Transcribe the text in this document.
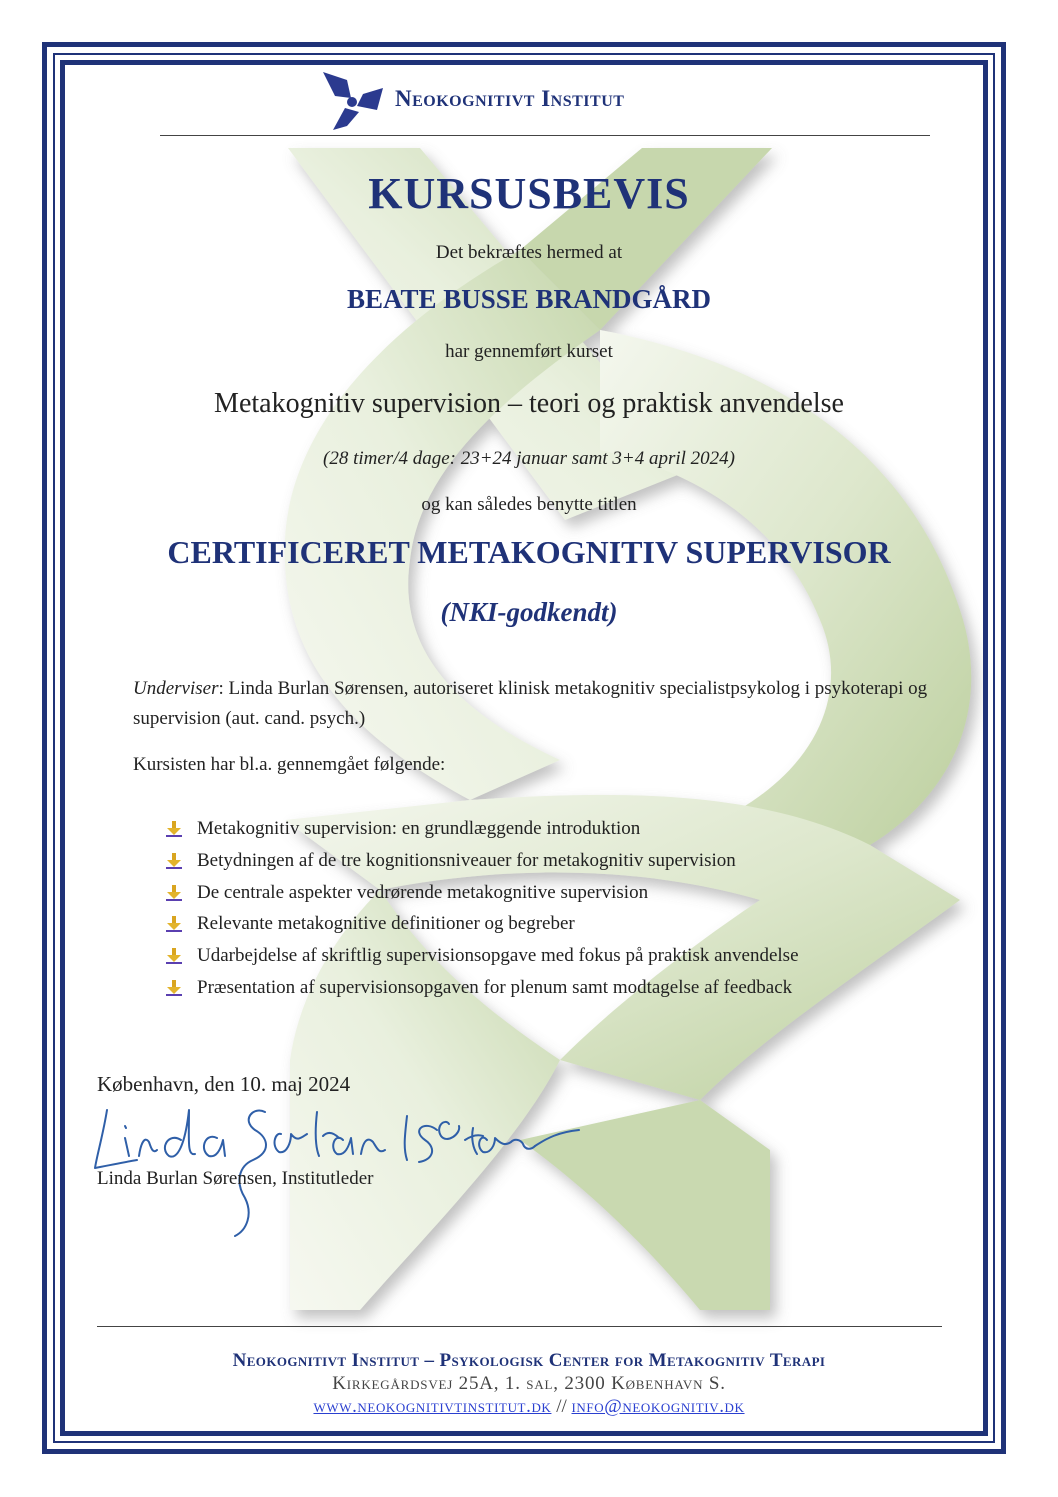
Neokognitivt Institut
KURSUSBEVIS
Det bekræftes hermed at
BEATE BUSSE BRANDGÅRD
har gennemført kurset
Metakognitiv supervision – teori og praktisk anvendelse
(28 timer/4 dage: 23+24 januar samt 3+4 april 2024)
og kan således benytte titlen
CERTIFICERET METAKOGNITIV SUPERVISOR
(NKI-godkendt)
Underviser: Linda Burlan Sørensen, autoriseret klinisk metakognitiv specialistpsykolog i psykoterapi og supervision (aut. cand. psych.)
Kursisten har bl.a. gennemgået følgende:
Metakognitiv supervision: en grundlæggende introduktion
Betydningen af de tre kognitionsniveauer for metakognitiv supervision
De centrale aspekter vedrørende metakognitive supervision
Relevante metakognitive definitioner og begreber
Udarbejdelse af skriftlig supervisionsopgave med fokus på praktisk anvendelse
Præsentation af supervisionsopgaven for plenum samt modtagelse af feedback
København, den 10. maj 2024
Linda Burlan Sørensen, Institutleder
Neokognitivt Institut – Psykologisk Center for Metakognitiv Terapi
Kirkegårdsvej 25A, 1. sal, 2300 København S.
www.neokognitivtinstitut.dk // info@neokognitiv.dk
